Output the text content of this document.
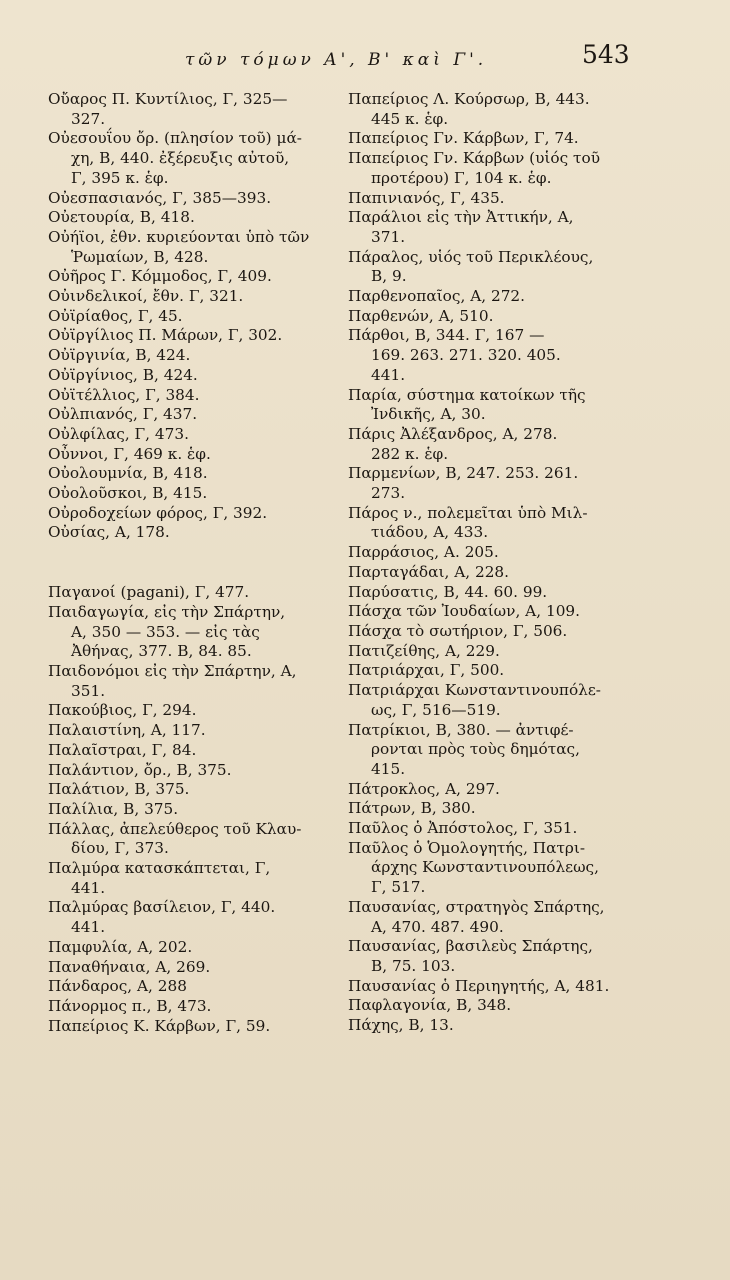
τῶν τόμων Α', Β' καὶ Γ'.	543

Οὔαρος Π. Κυντίλιος, Γ, 325—

327.

Οὐεσουΐου ὄρ. (πλησίον τοῦ) μά-

χη, Β, 440. ἐξέρευξις αὐτοῦ,

Γ, 395 κ. ἑφ.

Οὐεσπασιανός, Γ, 385—393.

Οὐετουρία, Β, 418.

Οὐήϊοι, ἐθν. κυριεύονται ὑπὸ τῶν

Ῥωμαίων, Β, 428.

Οὐῆρος Γ. Κόμμοδος, Γ, 409.

Οὐινδελικοί, ἔθν. Γ, 321.

Οὐϊρίαθος, Γ, 45.

Οὐϊργίλιος Π. Μάρων, Γ, 302.

Οὐϊργινία, Β, 424.

Οὐϊργίνιος, Β, 424.

Οὐϊτέλλιος, Γ, 384.

Οὐλπιανός, Γ, 437.

Οὐλφίλας, Γ, 473.

Οὖννοι, Γ, 469 κ. ἑφ.

Οὐολουμνία, Β, 418.

Οὐολοῦσκοι, Β, 415.

Οὐροδοχείων φόρος, Γ, 392.

Οὐσίας, Α, 178.

Παγανοί (pagani), Γ, 477.

Παιδαγωγία, εἰς τὴν Σπάρτην,

Α, 350 — 353. — εἰς τὰς

Ἀθήνας, 377. Β, 84. 85.

Παιδονόμοι εἰς τὴν Σπάρτην, Α,

351.

Πακούβιος, Γ, 294.

Παλαιστίνη, Α, 117.

Παλαῖστραι, Γ, 84.

Παλάντιον, ὄρ., Β, 375.

Παλάτιον, Β, 375.

Παλίλια, Β, 375.

Πάλλας, ἀπελεύθερος τοῦ Κλαυ-

δίου, Γ, 373.

Παλμύρα κατασκάπτεται, Γ,

441.

Παλμύρας βασίλειον, Γ, 440.

441.

Παμφυλία, Α, 202.

Παναθήναια, Α, 269.

Πάνδαρος, Α, 288

Πάνορμος π., Β, 473.

Παπείριος Κ. Κάρβων, Γ, 59.

Παπείριος Λ. Κούρσωρ, Β, 443.

445 κ. ἑφ.

Παπείριος Γν. Κάρβων, Γ, 74.

Παπείριος Γν. Κάρβων (υἱός τοῦ

προτέρου) Γ, 104 κ. ἑφ.

Παπινιανός, Γ, 435.

Παράλιοι εἰς τὴν Ἀττικήν, Α,

371.

Πάραλος, υἱός τοῦ Περικλέους,

Β, 9.

Παρθενοπαῖος, Α, 272.

Παρθενών, Α, 510.

Πάρθοι, Β, 344. Γ, 167 —

169. 263. 271. 320. 405.

441.

Παρία, σύστημα κατοίκων τῆς

Ἰνδικῆς, Α, 30.

Πάρις Ἀλέξανδρος, Α, 278.

282 κ. ἑφ.

Παρμενίων, Β, 247. 253. 261.

273.

Πάρος ν., πολεμεῖται ὑπὸ Μιλ-

τιάδου, Α, 433.

Παρράσιος, Α. 205.

Παρταγάδαι, Α, 228.

Παρύσατις, Β, 44. 60. 99.

Πάσχα τῶν Ἰουδαίων, Α, 109.

Πάσχα τὸ σωτήριον, Γ, 506.

Πατιζείθης, Α, 229.

Πατριάρχαι, Γ, 500.

Πατριάρχαι Κωνσταντινουπόλε-

ως, Γ, 516—519.

Πατρίκιοι, Β, 380. — ἀντιφέ-

ρονται πρὸς τοὺς δημότας,

415.

Πάτροκλος, Α, 297.

Πάτρων, Β, 380.

Παῦλος ὁ Ἀπόστολος, Γ, 351.

Παῦλος ὁ Ὁμολογητής, Πατρι-

άρχης Κωνσταντινουπόλεως,

Γ, 517.

Παυσανίας, στρατηγὸς Σπάρτης,

Α, 470. 487. 490.

Παυσανίας, βασιλεὺς Σπάρτης,

Β, 75. 103.

Παυσανίας ὁ Περιηγητής, Α, 481.

Παφλαγονία, Β, 348.

Πάχης, Β, 13.
